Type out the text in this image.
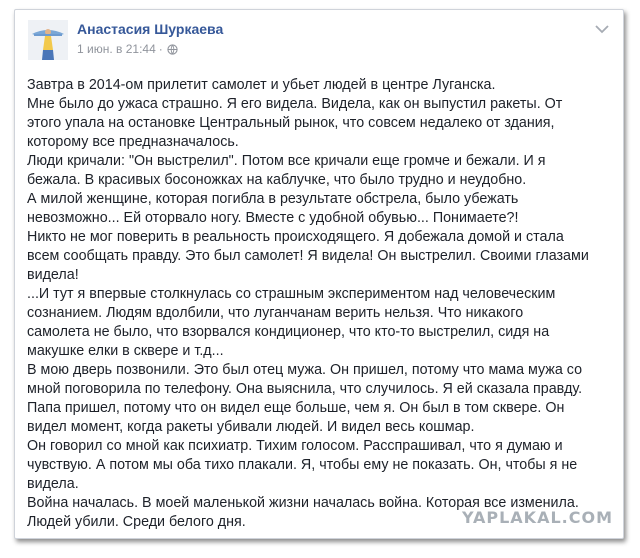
Анастасия Шуркаева
1 июн. в 21:44 ·
Завтра в 2014-ом прилетит самолет и убьет людей в центре Луганска.
Мне было до ужаса страшно. Я его видела. Видела, как он выпустил ракеты. От
этого упала на остановке Центральный рынок, что совсем недалеко от здания,
которому все предназначалось.
Люди кричали: "Он выстрелил". Потом все кричали еще громче и бежали. И я
бежала. В красивых босоножках на каблучке, что было трудно и неудобно.
А милой женщине, которая погибла в результате обстрела, было убежать
невозможно... Ей оторвало ногу. Вместе с удобной обувью... Понимаете?!
Никто не мог поверить в реальность происходящего. Я добежала домой и стала
всем сообщать правду. Это был самолет! Я видела! Он выстрелил. Своими глазами
видела!
...И тут я впервые столкнулась со страшным экспериментом над человеческим
сознанием. Людям вдолбили, что луганчанам верить нельзя. Что никакого
самолета не было, что взорвался кондиционер, что кто-то выстрелил, сидя на
макушке елки в сквере и т.д...
В мою дверь позвонили. Это был отец мужа. Он пришел, потому что мама мужа со
мной поговорила по телефону. Она выяснила, что случилось. Я ей сказала правду.
Папа пришел, потому что он видел еще больше, чем я. Он был в том сквере. Он
видел момент, когда ракеты убивали людей. И видел весь кошмар.
Он говорил со мной как психиатр. Тихим голосом. Расспрашивал, что я думаю и
чувствую. А потом мы оба тихо плакали. Я, чтобы ему не показать. Он, чтобы я не
видела.
Война началась. В моей маленькой жизни началась война. Которая все изменила.
Людей убили. Среди белого дня.	YAPLAKAL.COM
